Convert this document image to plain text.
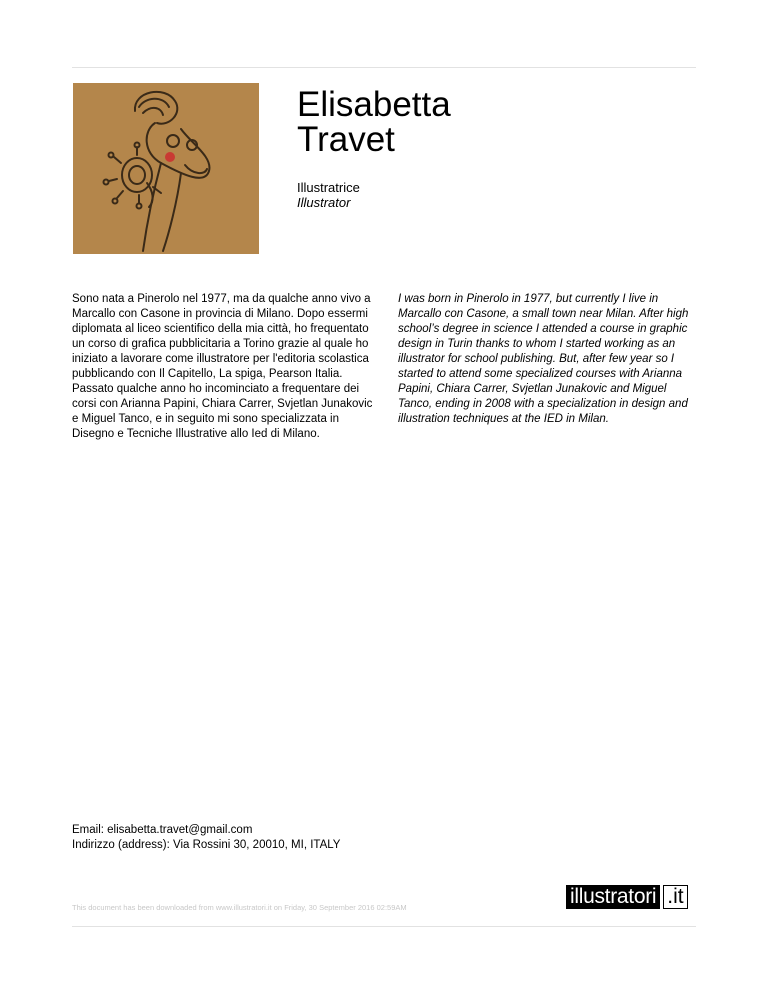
Elisabetta
Travet
Illustratrice
Illustrator
Sono nata a Pinerolo nel 1977, ma da qualche anno vivo a Marcallo con Casone in provincia di Milano. Dopo essermi diplomata al liceo scientifico della mia città, ho frequentato un corso di grafica pubblicitaria a Torino grazie al quale ho iniziato a lavorare come illustratore per l'editoria scolastica pubblicando con Il Capitello, La spiga, Pearson Italia. Passato qualche anno ho incominciato a frequentare dei corsi con Arianna Papini, Chiara Carrer, Svjetlan Junakovic e Miguel Tanco, e in seguito mi sono specializzata in Disegno e Tecniche Illustrative allo Ied di Milano.
I was born in Pinerolo in 1977, but currently I live in Marcallo con Casone, a small town near Milan. After high school’s degree in science I attended a course in graphic design in Turin thanks to whom I started working as an illustrator for school publishing. But, after few year so I started to attend some specialized courses with Arianna Papini, Chiara Carrer, Svjetlan Junakovic and Miguel Tanco, ending in 2008 with a specialization in design and illustration techniques at the IED in Milan.
Email: elisabetta.travet@gmail.com
Indirizzo (address): Via Rossini 30, 20010, MI, ITALY
This document has been downloaded from www.illustratori.it on Friday, 30 September 2016 02:59AM	illustratori .it
